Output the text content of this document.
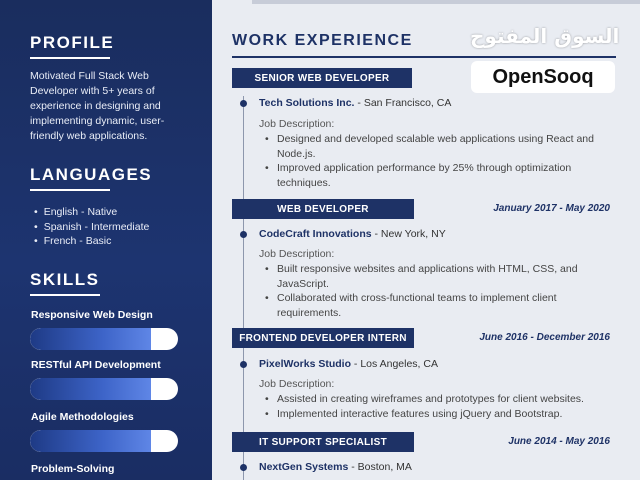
PROFILE
Motivated Full Stack Web Developer with 5+ years of experience in designing and implementing dynamic, user-friendly web applications.
LANGUAGES
• English - Native
• Spanish - Intermediate
• French - Basic
SKILLS
Responsive Web Design
RESTful API Development
Agile Methodologies
Problem-Solving
WORK EXPERIENCE
SENIOR WEB DEVELOPER
Tech Solutions Inc. - San Francisco, CA
Job Description:
• Designed and developed scalable web applications using React and Node.js.
• Improved application performance by 25% through optimization techniques.
WEB DEVELOPER	January 2017 - May 2020
CodeCraft Innovations - New York, NY
Job Description:
• Built responsive websites and applications with HTML, CSS, and JavaScript.
• Collaborated with cross-functional teams to implement client requirements.
FRONTEND DEVELOPER INTERN	June 2016 - December 2016
PixelWorks Studio - Los Angeles, CA
Job Description:
• Assisted in creating wireframes and prototypes for client websites.
• Implemented interactive features using jQuery and Bootstrap.
IT SUPPORT SPECIALIST	June 2014 - May 2016
NextGen Systems - Boston, MA
السوق المفتوح
OpenSooq
